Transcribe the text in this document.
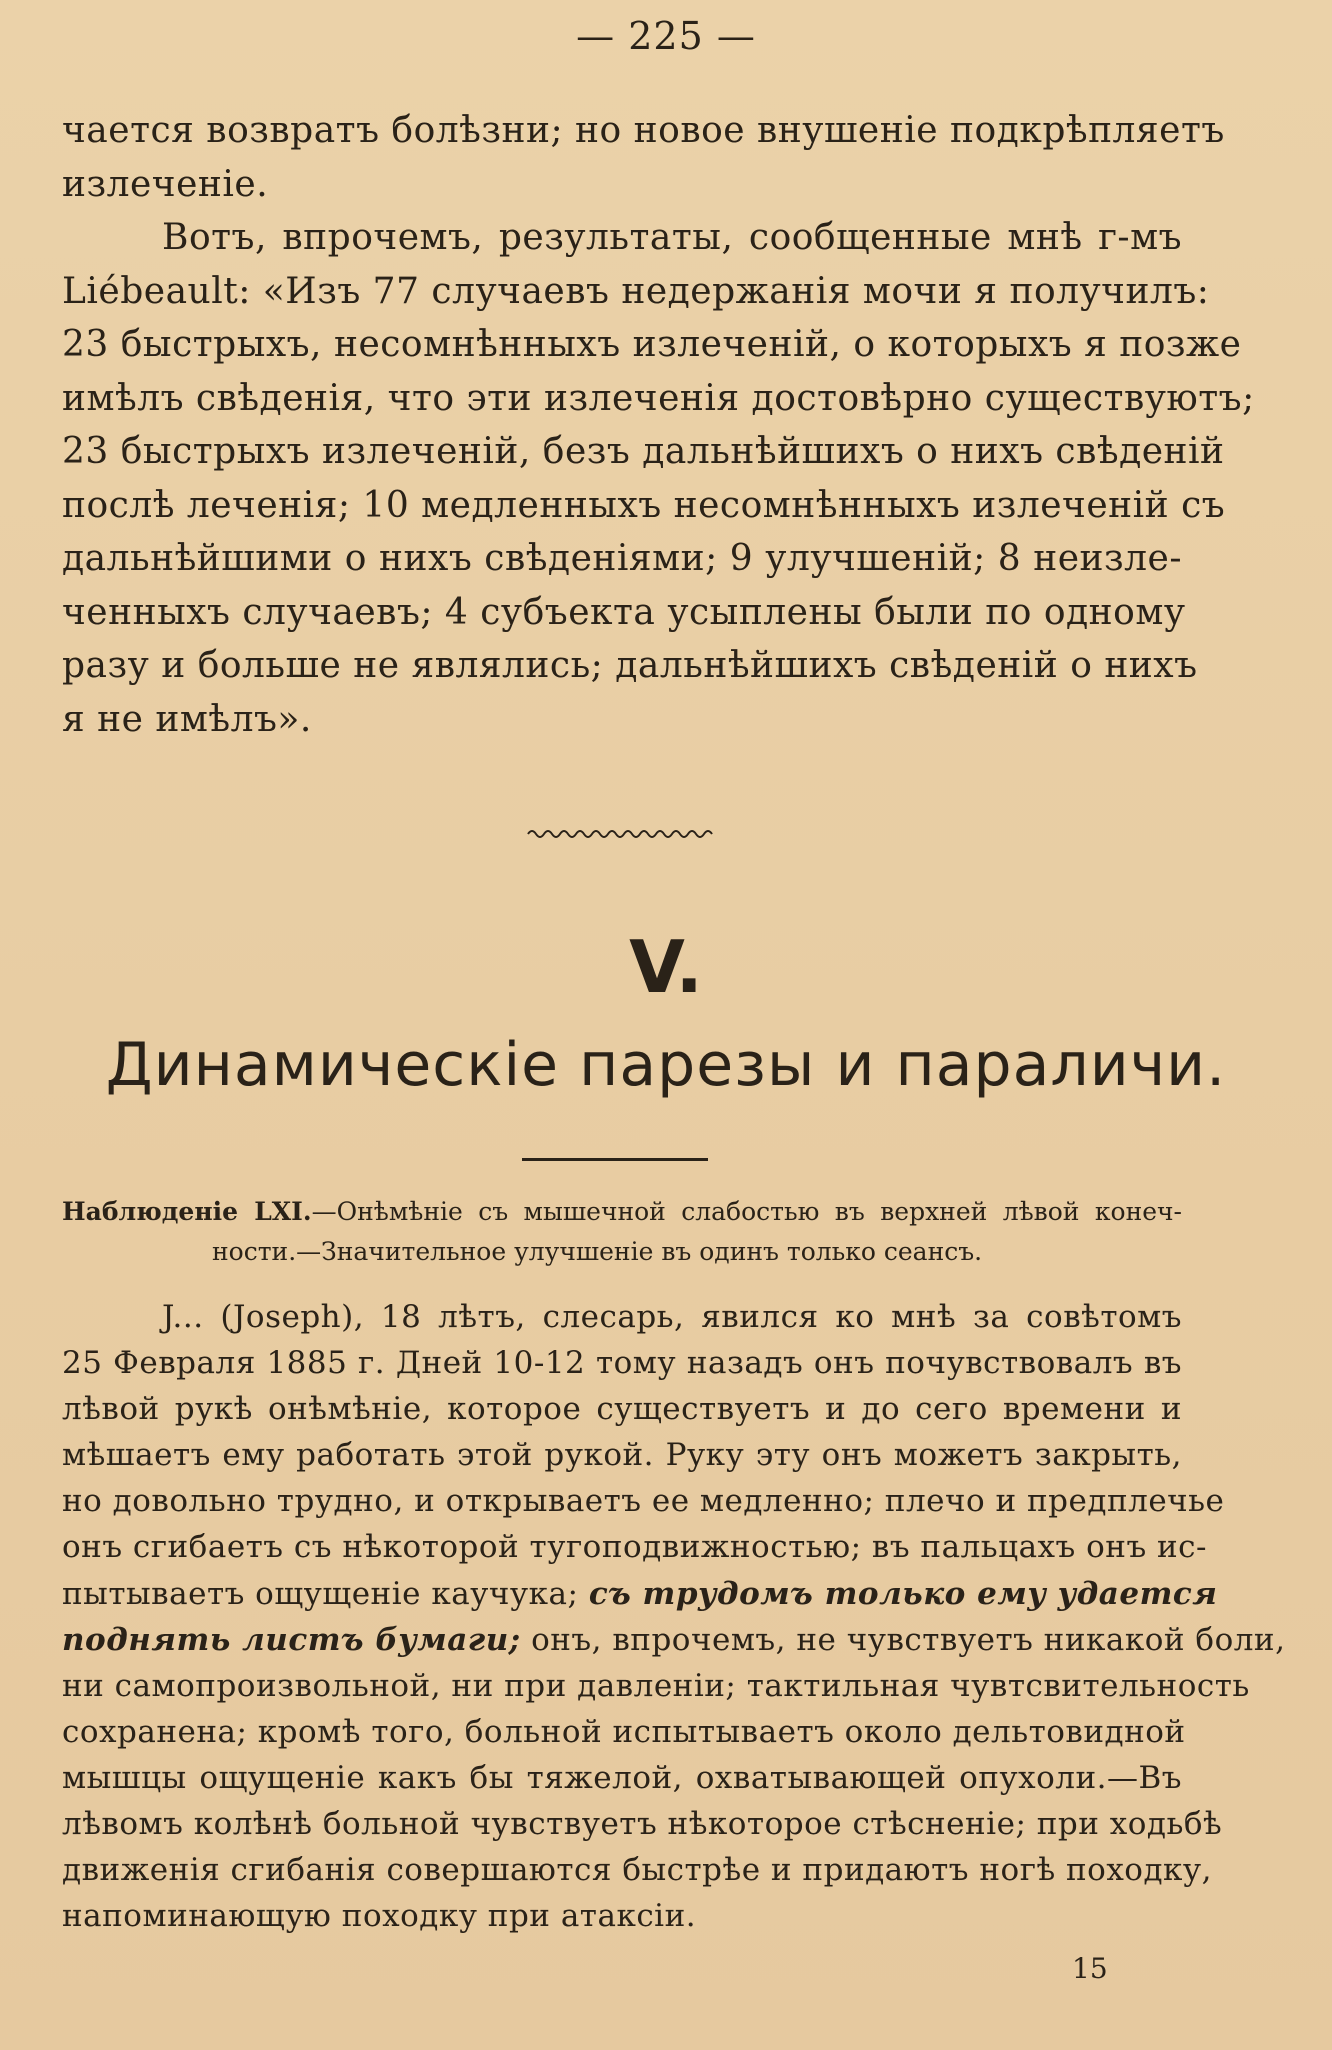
— 225 —
чается возвратъ болѣзни; но новое внушеніе подкрѣпляетъ
излеченіе.
Вотъ, впрочемъ, результаты, сообщенные мнѣ г-мъ
Liébeault: «Изъ 77 случаевъ недержанія мочи я получилъ:
23 быстрыхъ, несомнѣнныхъ излеченій, о которыхъ я позже
имѣлъ свѣденія, что эти излеченія достовѣрно существуютъ;
23 быстрыхъ излеченій, безъ дальнѣйшихъ о нихъ свѣденій
послѣ леченія; 10 медленныхъ несомнѣнныхъ излеченій съ
дальнѣйшими о нихъ свѣденіями; 9 улучшеній; 8 неизле-
ченныхъ случаевъ; 4 субъекта усыплены были по одному
разу и больше не являлись; дальнѣйшихъ свѣденій о нихъ
я не имѣлъ».
V.
Динамическіе парезы и параличи.
Наблюденіе LXI.—Онѣмѣніе съ мышечной слабостью въ верхней лѣвой конеч-
ности.—Значительное улучшеніе въ одинъ только сеансъ.
J... (Joseph), 18 лѣтъ, слесарь, явился ко мнѣ за совѣтомъ
25 Февраля 1885 г. Дней 10-12 тому назадъ онъ почувствовалъ въ
лѣвой рукѣ онѣмѣніе, которое существуетъ и до сего времени и
мѣшаетъ ему работать этой рукой. Руку эту онъ можетъ закрыть,
но довольно трудно, и открываетъ ее медленно; плечо и предплечье
онъ сгибаетъ съ нѣкоторой тугоподвижностью; въ пальцахъ онъ ис-
пытываетъ ощущеніе каучука; съ трудомъ только ему удается
поднять листъ бумаги; онъ, впрочемъ, не чувствуетъ никакой боли,
ни самопроизвольной, ни при давленіи; тактильная чувтсвительность
сохранена; кромѣ того, больной испытываетъ около дельтовидной
мышцы ощущеніе какъ бы тяжелой, охватывающей опухоли.—Въ
лѣвомъ колѣнѣ больной чувствуетъ нѣкоторое стѣсненіе; при ходьбѣ
движенія сгибанія совершаются быстрѣе и придаютъ ногѣ походку,
напоминающую походку при атаксіи.
15
